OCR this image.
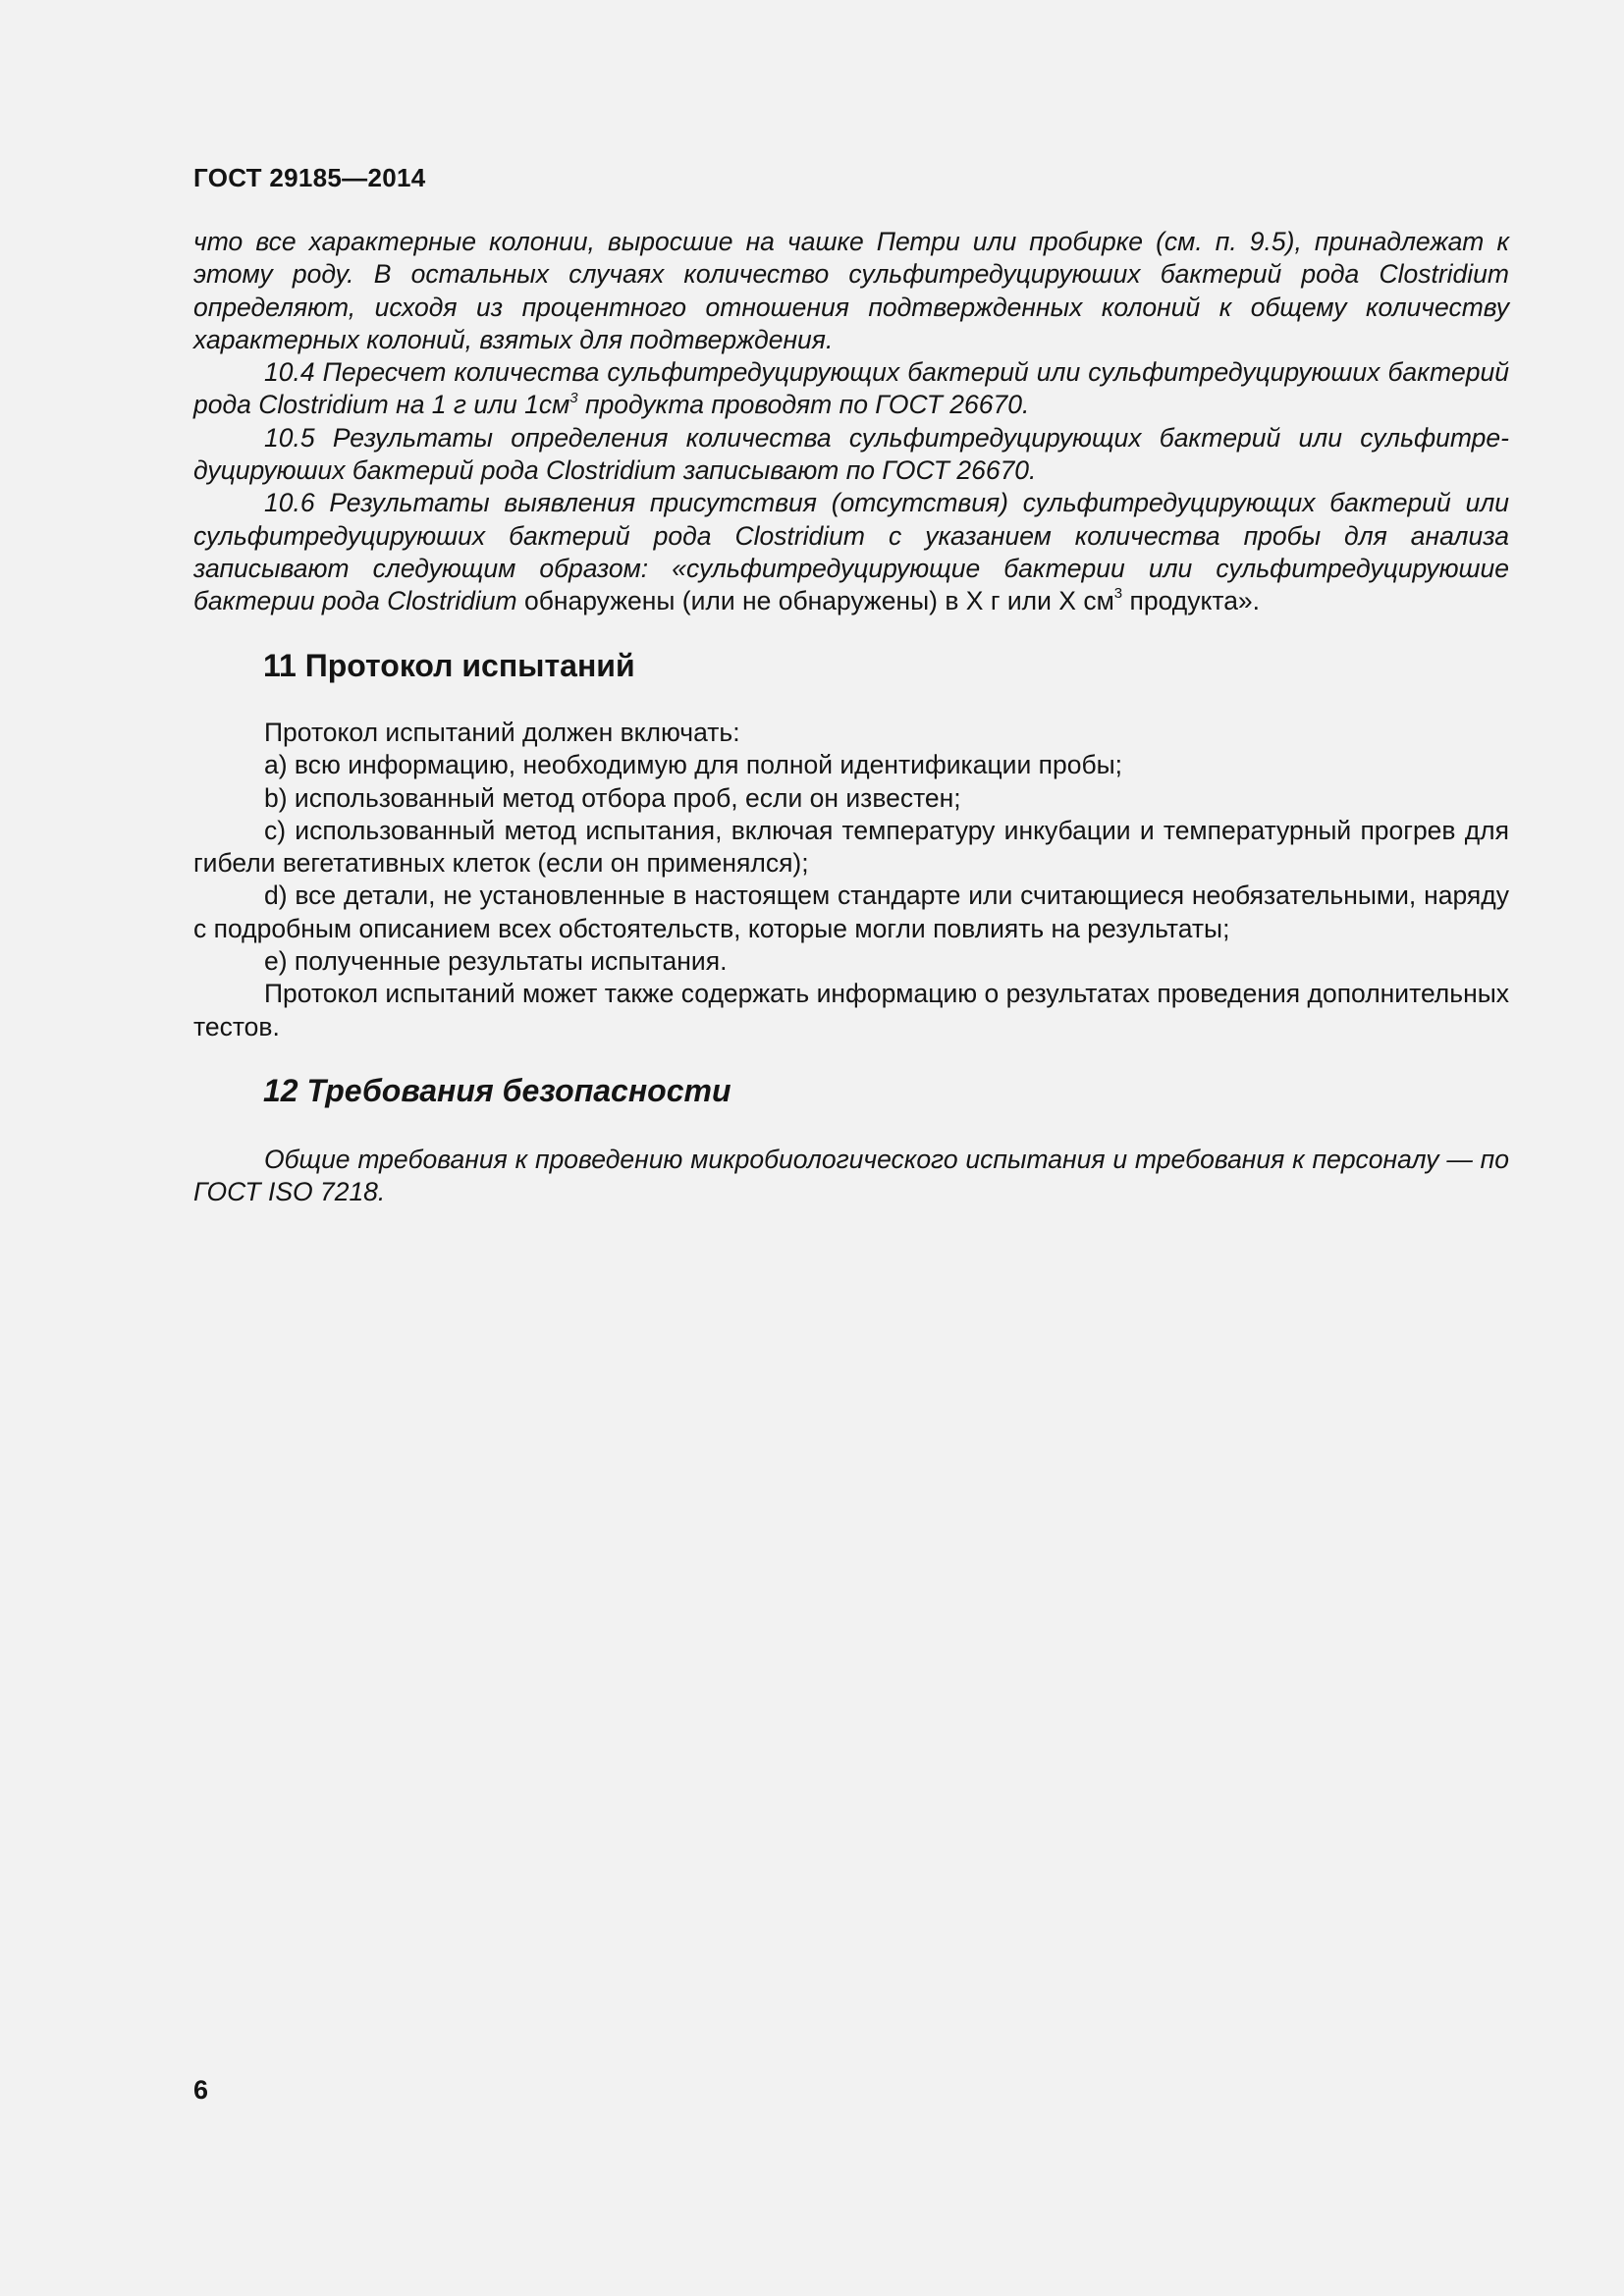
ГОСТ 29185—2014

что все характерные колонии, выросшие на чашке Петри или пробирке (см. п. 9.5), принадлежат к этому роду. В остальных случаях количество сульфитредуцируюших бактерий рода Clostridium определяют, исходя из процентного отношения подтвержденных колоний к общему количеству характерных колоний, взятых для подтверждения.

10.4 Пересчет количества сульфитредуцирующих бактерий или сульфитредуцируюших бактерий рода Clostridium на 1 г или $1см^3$ продукта проводят по ГОСТ 26670.

10.5 Результаты определения количества сульфитредуцирующих бактерий или сульфитредуцируюших бактерий рода Clostridium записывают по ГОСТ 26670.

10.6 Результаты выявления присутствия (отсутствия) сульфитредуцирующих бактерий или сульфитредуцируюших бактерий рода Clostridium с указанием количества пробы для анализа записывают следующим образом: «сульфитредуцирующие бактерии или сульфитредуцируюшие бактерии рода Clostridium обнаружены (или не обнаружены) в X г или X $см^3$ продукта».

11 Протокол испытаний

Протокол испытаний должен включать:

а) всю информацию, необходимую для полной идентификации пробы;

b) использованный метод отбора проб, если он известен;

с) использованный метод испытания, включая температуру инкубации и температурный прогрев для гибели вегетативных клеток (если он применялся);

d) все детали, не установленные в настоящем стандарте или считающиеся необязательными, наряду с подробным описанием всех обстоятельств, которые могли повлиять на результаты;

е) полученные результаты испытания.

Протокол испытаний может также содержать информацию о результатах проведения дополнительных тестов.

12 Требования безопасности

Общие требования к проведению микробиологического испытания и требования к персоналу — по ГОСТ ISO 7218.

6
